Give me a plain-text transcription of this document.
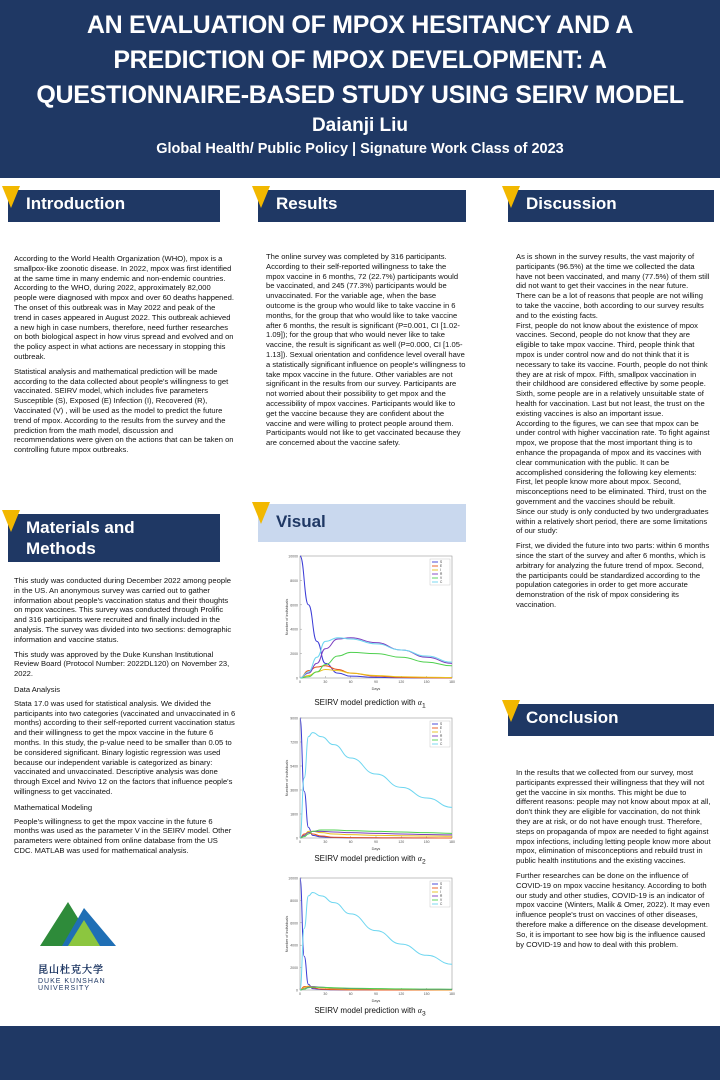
AN EVALUATION OF MPOX HESITANCY AND A
PREDICTION OF MPOX DEVELOPMENT: A
QUESTIONNAIRE-BASED STUDY USING SEIRV MODEL
Daianji Liu
Global Health/ Public Policy | Signature Work Class of 2023
Introduction

According to the World Health Organization (WHO), mpox is a smallpox-like zoonotic disease. In 2022, mpox was first identified at the same time in many endemic and non-endemic countries. According to the WHO, during 2022, approximately 82,000 people were diagnosed with mpox and over 60 deaths happened. The onset of this outbreak was in May 2022 and peak of the trend in cases appeared in August 2022. This outbreak achieved a new high in case numbers, therefore, need further researches on both biological aspect in how virus spread and evolved and on the policy aspect in what actions are necessary in stopping this outbreak.

Statistical analysis and mathematical prediction will be made according to the data collected about people's willingness to get vaccinated. SEIRV model, which includes five parameters Susceptible (S), Exposed (E) Infection (I), Recovered (R), Vaccinated (V) , will be used as the model to predict the future trend of mpox. According to the results from the survey and the prediction from the math model, discussion and recommendations were given on the actions that can be taken on controlling future mpox outbreaks.

Materials and
Methods

This study was conducted during December 2022 among people in the US. An anonymous survey was carried out to gather information about people's vaccination status and their thoughts on mpox vaccines. This survey was conducted through Prolific and 316 participants were recruited and finally included in the analysis. The survey was divided into two sections: demographic information and vaccine status.

This study was approved by the Duke Kunshan Institutional Review Board (Protocol Number: 2022DL120) on November 23, 2022.

Data Analysis

Stata 17.0 was used for statistical analysis. We divided the participants into two categories (vaccinated and unvaccinated in 6 months) according to their self-reported current vaccination status and their willingness to get the mpox vaccine in the future 6 months. In this study, the p-value need to be smaller than 0.05 to be considered significant. Binary logistic regression was used because our independent variable is categorized as binary: vaccinated and unvaccinated. Descriptive analysis was done through Excel and Nvivo 12 on the factors that influence people's willingness to get vaccinated.

Mathematical Modeling

People's willingness to get the mpox vaccine in the future 6 months was used as the parameter V in the SEIRV model. Other parameters were obtained from online database from the US CDC. MATLAB was used for mathematical analysis.

昆山杜克大学
DUKE KUNSHAN
UNIVERSITY
Results

The online survey was completed by 316 participants. According to their self-reported willingness to take the mpox vaccine in 6 months, 72 (22.7%) participants would be vaccinated, and 245 (77.3%) participants would be unvaccinated. For the variable age, when the base outcome is the group who would like to take vaccine in 6 months, for the group that who would like to take vaccine after 6 months, the result is significant (P=0.001, CI [1.02-1.09]); for the group that who would never like to take vaccine, the result is significant as well (P=0.000, CI [1.05-1.13]). Sexual orientation and confidence level overall have a statistically significant influence on people's willingness to take mpox vaccine in the future. Other variables are not significant in the results from our survey. Participants are not worried about their possibility to get mpox and the accessibility of mpox vaccines. Participants would like to get the vaccine because they are confident about the vaccine and were willing to protect people around them. Participants would not like to get vaccinated because they are concerned about the vaccine safety.

Visual
0
2000
4000
6000
8000
10000
0	30	60	90	120	150	180
Number of individuals
Days
S
E
I
R
V
C
SEIRV model prediction with $\alpha_1$
0
1800
3600
5400
7200
9000
0	30	60	90	120	150	180
Number of individuals
Days
S
E
I
R
V
C
SEIRV model prediction with $\alpha_2$
0
2000
4000
6000
8000
10000
0	30	60	90	120	150	180
Number of individuals
Days
S
E
I
R
V
C
SEIRV model prediction with $\alpha_3$
Discussion

As is shown in the survey results, the vast majority of participants (96.5%) at the time we collected the data have not been vaccinated, and many (77.5%) of them still did not want to get their vaccines in the near future. There can be a lot of reasons that people are not willing to take the vaccine, both according to our survey results and to the existing facts.

First, people do not know about the existence of mpox vaccines. Second, people do not know that they are eligible to take mpox vaccine. Third, people think that mpox is under control now and do not think that it is necessary to take its vaccine. Fourth, people do not think they are at risk of mpox. Fifth, smallpox vaccination in their childhood are considered effective by some people. Sixth, some people are in a relatively unsuitable state of health for vaccination. Last but not least, the trust on the existing vaccines is also an important issue.

According to the figures, we can see that mpox can be under control with higher vaccination rate. To fight against mpox, we propose that the most important thing is to enhance the propaganda of mpox and its vaccines with clear communication with the public. It can be accomplished considering the following key elements:

First, let people know more about mpox. Second, misconceptions need to be eliminated. Third, trust on the government and the vaccines should be rebuilt.

Since our study is only conducted by two undergraduates within a relatively short period, there are some limitations of our study:

First, we divided the future into two parts: within 6 months since the start of the survey and after 6 months, which is arbitrary for analyzing the future trend of mpox. Second, the participants could be standardized according to the population categories in order to get more accurate demonstration of the risk of mpox considering its vaccination.

Conclusion

In the results that we collected from our survey, most participants expressed their willingness that they will not get the vaccine in six months. This might be due to different reasons: people may not know about mpox at all, don't think they are eligible for vaccination, do not think they are at risk, or do not have enough trust. Therefore, steps on propaganda of mpox are needed to fight against mpox infections, including letting people know more about mpox, elimination of misconceptions and rebuild trust in public health institutions and the existing vaccines.

Further researches can be done on the influence of COVID-19 on mpox vaccine hesitancy. According to both our study and other studies, COVID-19 is an indicator of mpox vaccine (Winters, Malik & Omer, 2022). It may even influence people's trust on vaccines of other diseases, therefore make a difference on the disease development. So, it is important to see how big is the influence caused by COVID-19 and how to deal with this problem.
